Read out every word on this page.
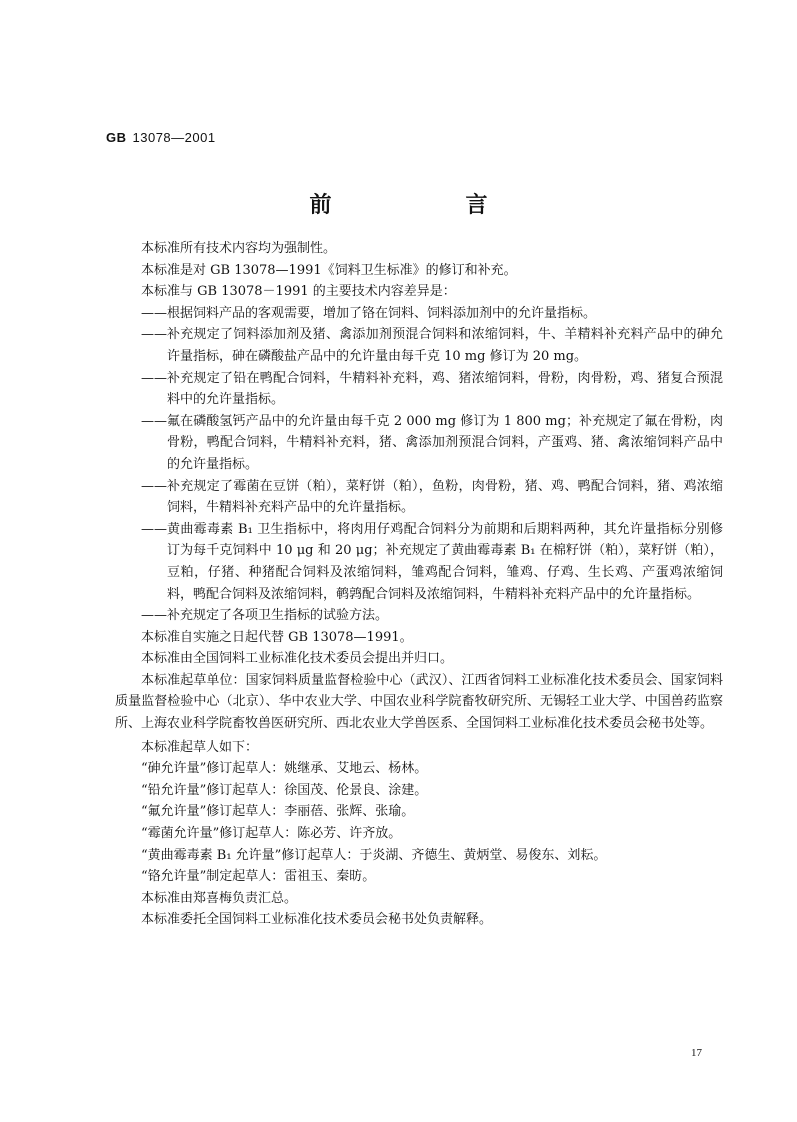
GB 13078—2001
前　言

本标准所有技术内容均为强制性。

本标准是对 GB 13078—1991《饲料卫生标准》的修订和补充。

本标准与 GB 13078－1991 的主要技术内容差异是：

—— 根据饲料产品的客观需要，增加了铬在饲料、饲料添加剂中的允许量指标。
—— 补充规定了饲料添加剂及猪、禽添加剂预混合饲料和浓缩饲料，牛、羊精料补充料产品中的砷允许量指标，砷在磷酸盐产品中的允许量由每千克 10 mg 修订为 20 mg。
—— 补充规定了铅在鸭配合饲料，牛精料补充料，鸡、猪浓缩饲料，骨粉，肉骨粉，鸡、猪复合预混料中的允许量指标。
—— 氟在磷酸氢钙产品中的允许量由每千克 2 000 mg 修订为 1 800 mg；补充规定了氟在骨粉，肉骨粉，鸭配合饲料，牛精料补充料，猪、禽添加剂预混合饲料，产蛋鸡、猪、禽浓缩饲料产品中的允许量指标。
—— 补充规定了霉菌在豆饼（粕），菜籽饼（粕），鱼粉，肉骨粉，猪、鸡、鸭配合饲料，猪、鸡浓缩饲料，牛精料补充料产品中的允许量指标。
—— 黄曲霉毒素 B₁ 卫生指标中，将肉用仔鸡配合饲料分为前期和后期料两种，其允许量指标分别修订为每千克饲料中 10 μg 和 20 μg；补充规定了黄曲霉毒素 B₁ 在棉籽饼（粕），菜籽饼（粕），豆粕，仔猪、种猪配合饲料及浓缩饲料，雏鸡配合饲料，雏鸡、仔鸡、生长鸡、产蛋鸡浓缩饲料，鸭配合饲料及浓缩饲料，鹌鹑配合饲料及浓缩饲料，牛精料补充料产品中的允许量指标。
—— 补充规定了各项卫生指标的试验方法。

本标准自实施之日起代替 GB 13078—1991。

本标准由全国饲料工业标准化技术委员会提出并归口。

本标准起草单位：国家饲料质量监督检验中心（武汉）、江西省饲料工业标准化技术委员会、国家饲料质量监督检验中心（北京）、华中农业大学、中国农业科学院畜牧研究所、无锡轻工业大学、中国兽药监察所、上海农业科学院畜牧兽医研究所、西北农业大学兽医系、全国饲料工业标准化技术委员会秘书处等。

本标准起草人如下：

“砷允许量”修订起草人：姚继承、艾地云、杨林。

“铅允许量”修订起草人：徐国茂、伦景良、涂建。

“氟允许量”修订起草人：李丽蓓、张辉、张瑜。

“霉菌允许量”修订起草人：陈必芳、许齐放。

“黄曲霉毒素 B₁ 允许量”修订起草人：于炎湖、齐德生、黄炳堂、易俊东、刘耘。

“铬允许量”制定起草人：雷祖玉、秦昉。

本标准由郑喜梅负责汇总。

本标准委托全国饲料工业标准化技术委员会秘书处负责解释。

17
